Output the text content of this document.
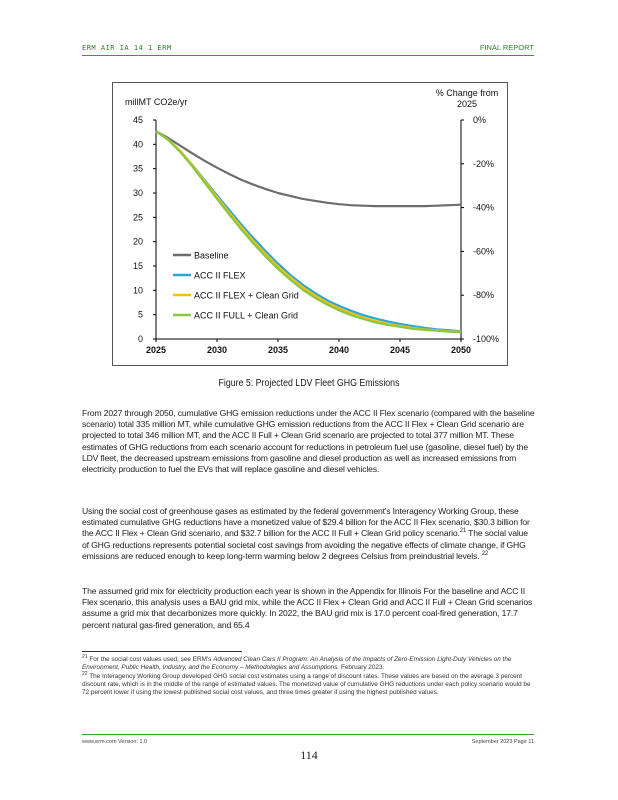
ERM AIR IA 14 1 ERM	FINAL REPORT
millMT CO2e/yr
% Change from
2025
0
5
10
15
20
25
30
35
40
45
2025	2030	2035	2040	2045	2050
0%
-20%
-40%
-60%
-80%
-100%
Baseline
ACC II FLEX
ACC II FLEX + Clean Grid
ACC II FULL + Clean Grid
Figure 5: Projected LDV Fleet GHG Emissions

From 2027 through 2050, cumulative GHG emission reductions under the ACC II Flex scenario (compared with the baseline scenario) total 335 million MT, while cumulative GHG emission reductions from the ACC II Flex + Clean Grid scenario are projected to total 346 million MT, and the ACC II Full + Clean Grid scenario are projected to total 377 million MT. These estimates of GHG reductions from each scenario account for reductions in petroleum fuel use (gasoline, diesel fuel) by the LDV fleet, the decreased upstream emissions from gasoline and diesel production as well as increased emissions from electricity production to fuel the EVs that will replace gasoline and diesel vehicles.

Using the social cost of greenhouse gases as estimated by the federal government's Interagency Working Group, these estimated cumulative GHG reductions have a monetized value of $29.4 billion for the ACC II Flex scenario, $30.3 billion for the ACC II Flex + Clean Grid scenario, and $32.7 billion for the ACC II Full + Clean Grid policy scenario.$^{21}$ The social value of GHG reductions represents potential societal cost savings from avoiding the negative effects of climate change, if GHG emissions are reduced enough to keep long-term warming below 2 degrees Celsius from preindustrial levels. $^{22}$

The assumed grid mix for electricity production each year is shown in the Appendix for Illinois For the baseline and ACC II Flex scenario, this analysis uses a BAU grid mix, while the ACC II Flex + Clean Grid and ACC II Full + Clean Grid scenarios assume a grid mix that decarbonizes more quickly. In 2022, the BAU grid mix is 17.0 percent coal-fired generation, 17.7 percent natural gas-fired generation, and 65.4

$^{21}$ For the social cost values used, see ERM's Advanced Clean Cars II Program: An Analysis of the Impacts of Zero-Emission Light-Duty Vehicles on the Environment, Public Health, Industry, and the Economy – Methodologies and Assumptions. February 2023.
$^{22}$ The Interagency Working Group developed GHG social cost estimates using a range of discount rates. These values are based on the average 3 percent discount rate, which is in the middle of the range of estimated values. The monetized value of cumulative GHG reductions under each policy scenario would be 72 percent lower if using the lowest published social cost values, and three times greater if using the highest published values.
www.erm.com Version: 1.0	September 2023 Page 11
114
